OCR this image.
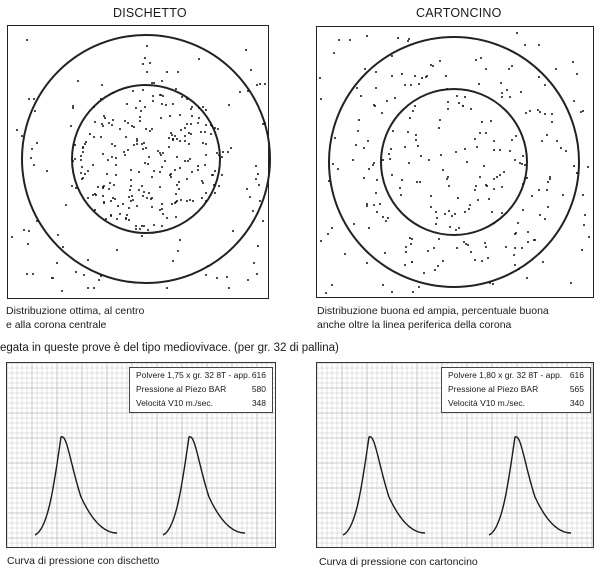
DISCHETTO	CARTONCINO
Distribuzione ottima, al centro
e alla corona centrale
Distribuzione buona ed ampia, percentuale buona
anche oltre la linea periferica della corona
egata in queste prove è del tipo mediovivace. (per gr. 32 di pallina)
Polvere 1,75 x gr. 32 8T - app. 616
Pressione al Piezo BAR	580
Velocità V10 m./sec.	348
Polvere 1,80 x gr. 32 8T - app. 616
Pressione al Piezo BAR	565
Velocità V10 m./sec.	340
Curva di pressione con dischetto	Curva di pressione con cartoncino
